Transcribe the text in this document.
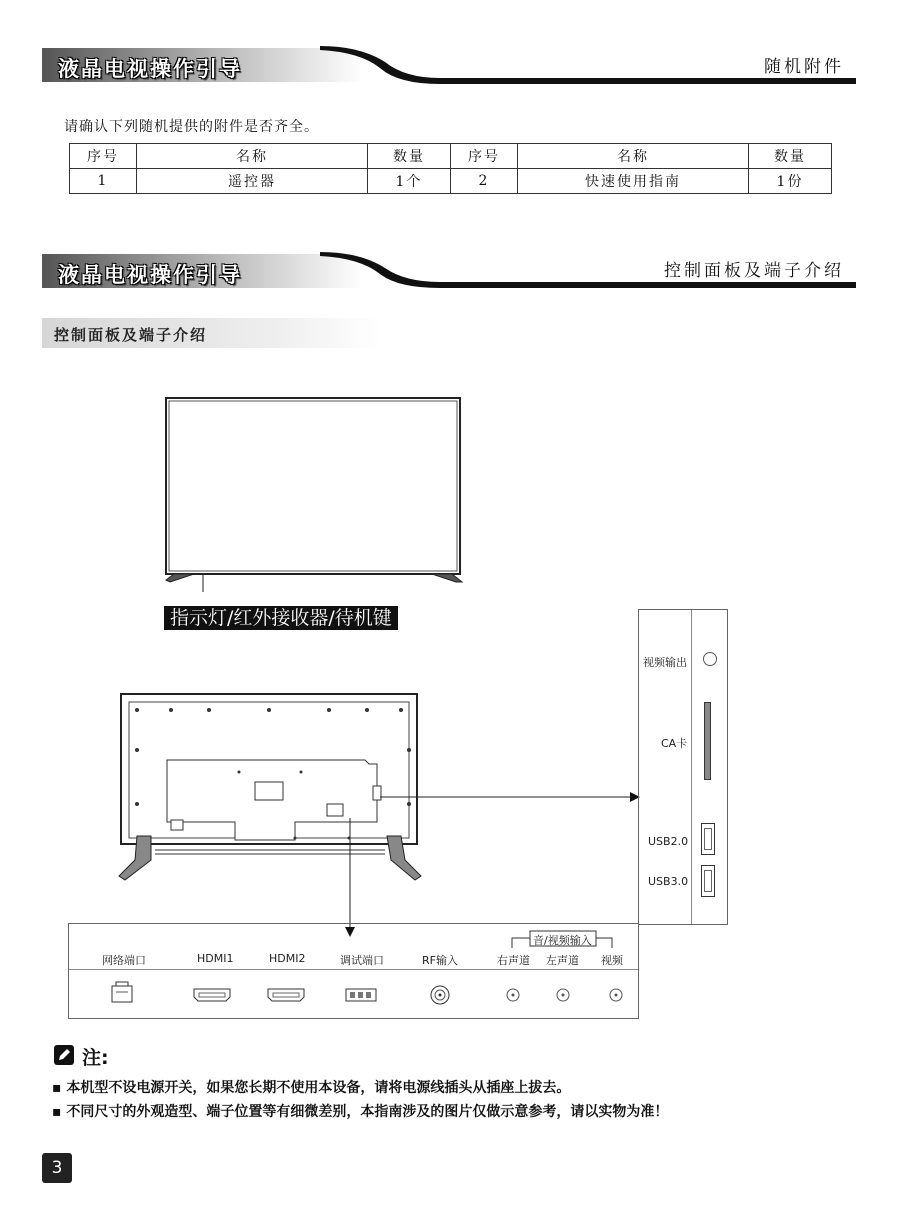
液晶电视操作引导	随机附件
请确认下列随机提供的附件是否齐全。
序号	名称	数量	序号	名称	数量
1	遥控器	1个	2	快速使用指南	1份
液晶电视操作引导	控制面板及端子介绍
控制面板及端子介绍
指示灯/红外接收器/待机键
视频输出
CA卡
USB2.0
USB3.0
音/视频输入
网络端口	HDMI1	HDMI2	调试端口	RF输入	右声道 左声道 视频
注:
▪ 本机型不设电源开关，如果您长期不使用本设备，请将电源线插头从插座上拔去。
▪ 不同尺寸的外观造型、端子位置等有细微差别，本指南涉及的图片仅做示意参考，请以实物为准！
3
